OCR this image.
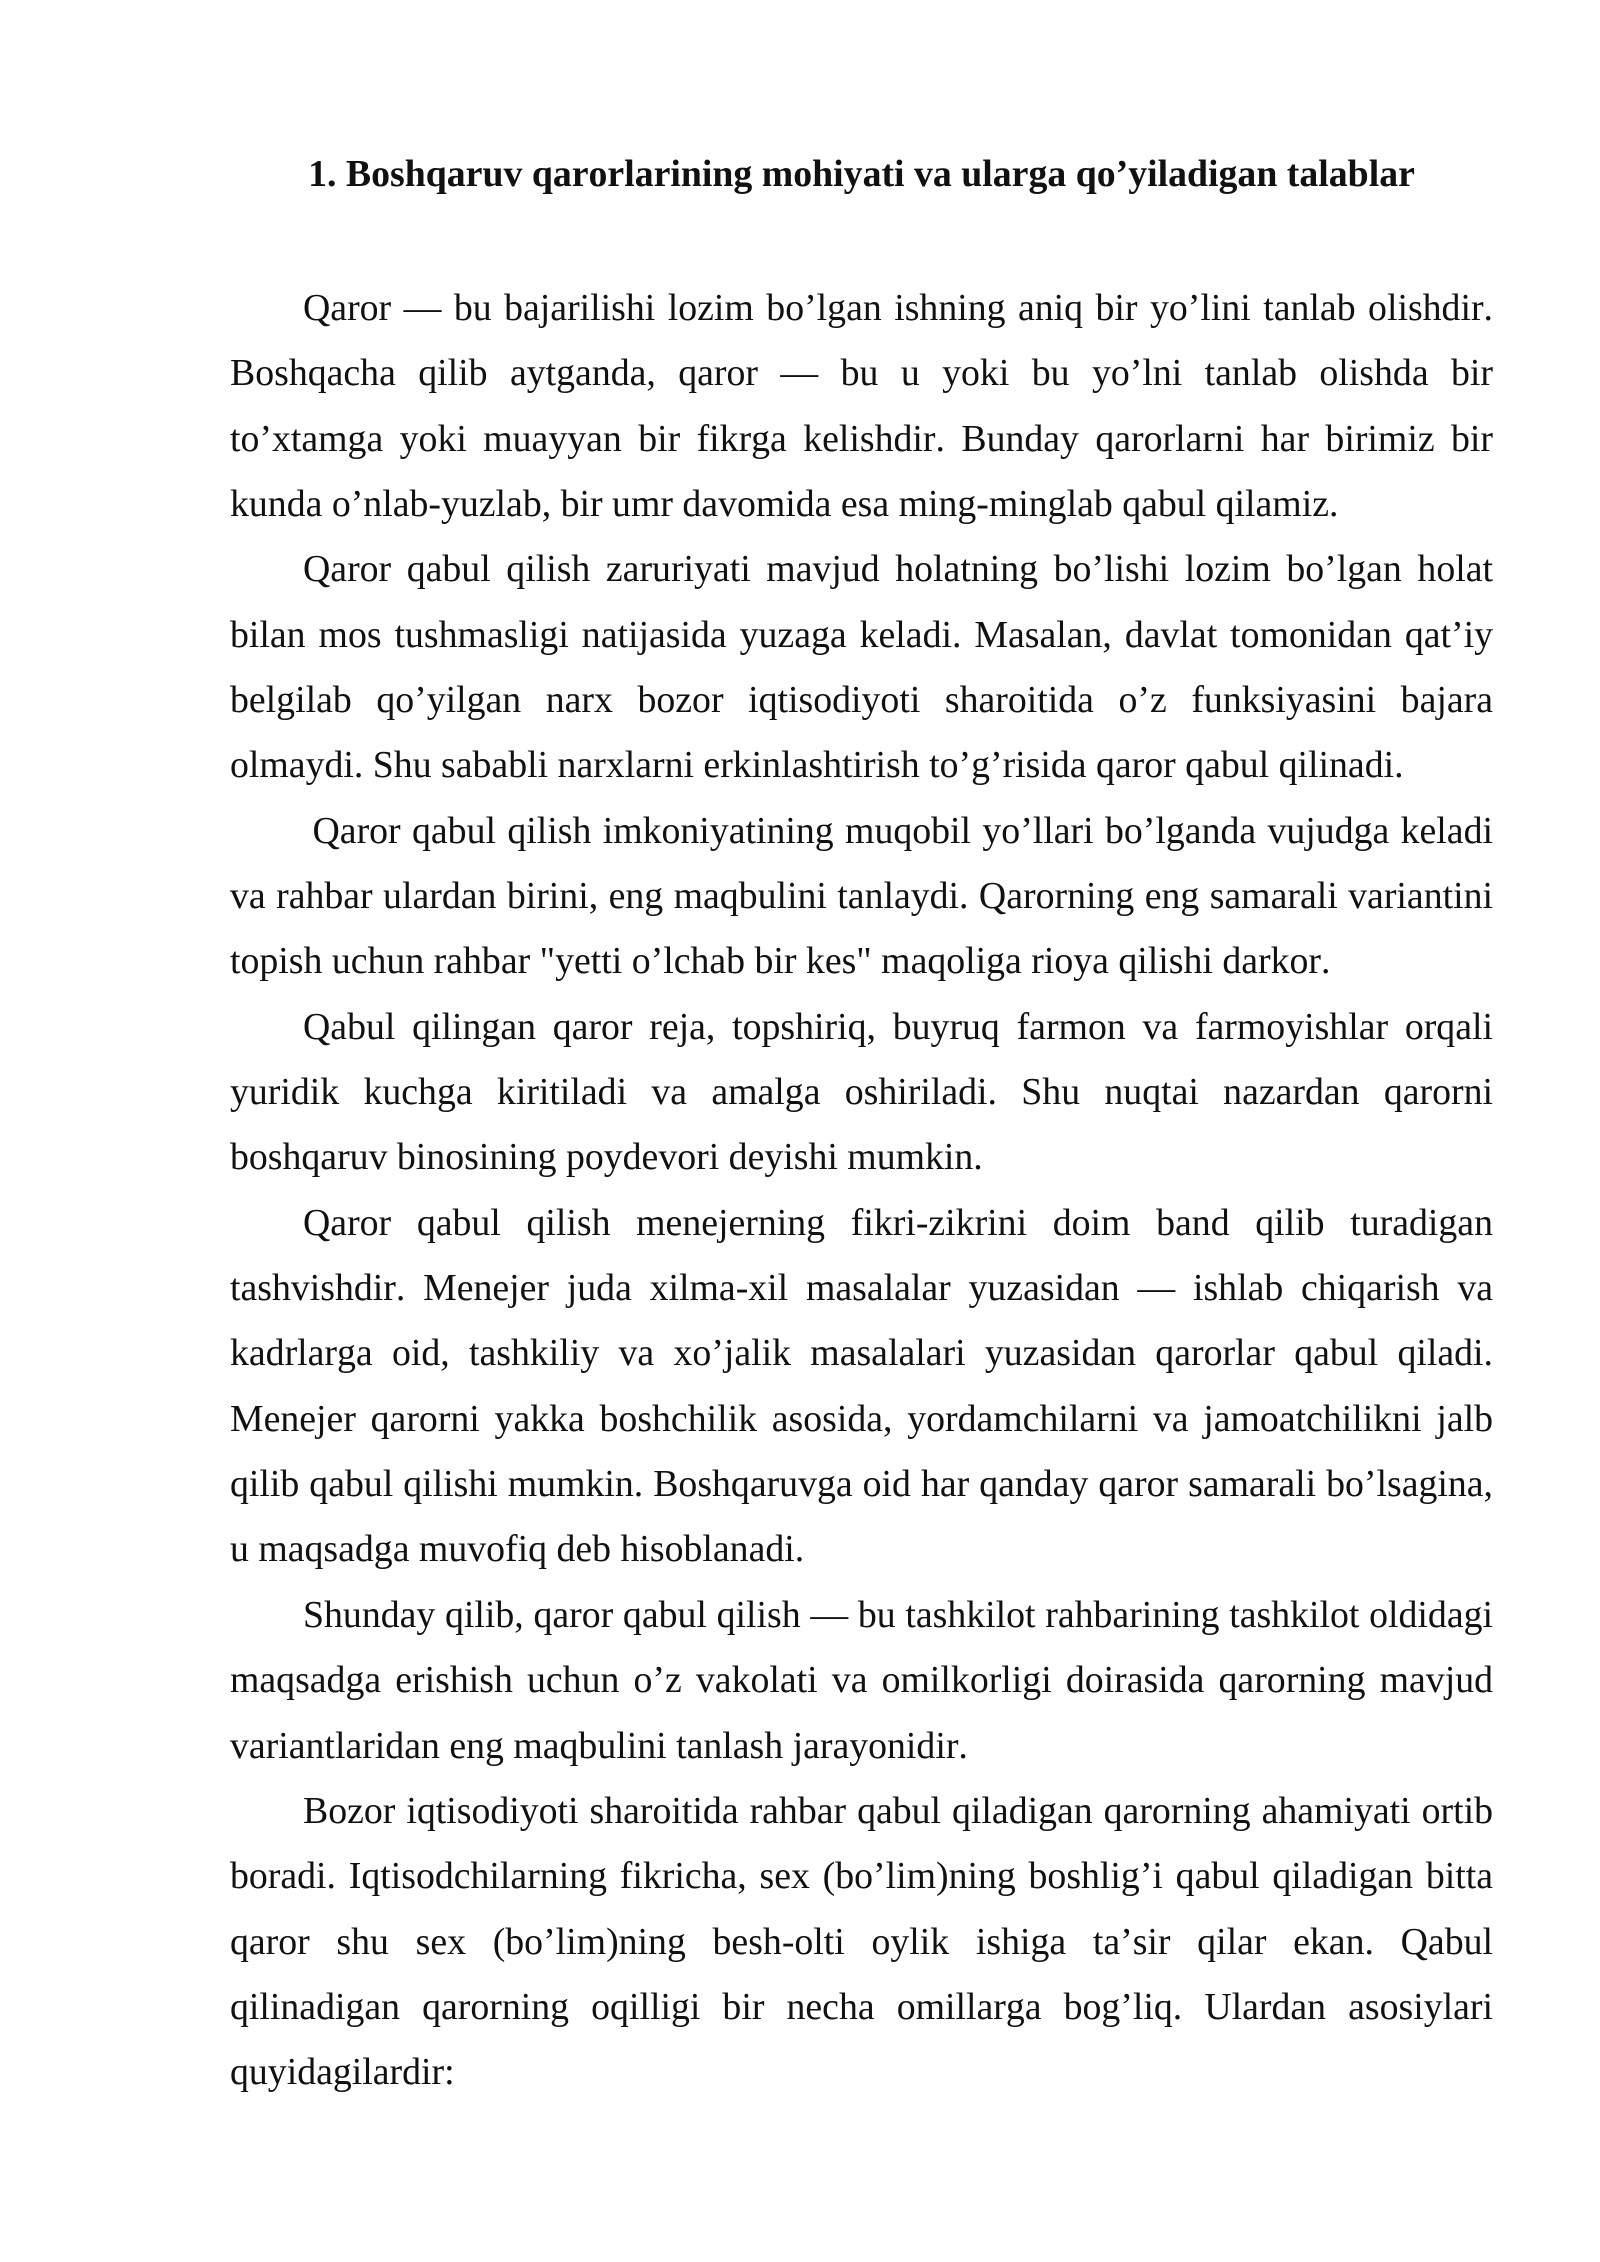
1. Boshqaruv qarorlarining mohiyati va ularga qo’yiladigan talablar

Qaror — bu bajarilishi lozim bo’lgan ishning aniq bir yo’lini tanlab olishdir. Boshqacha qilib aytganda, qaror — bu u yoki bu yo’lni tanlab olishda bir to’xtamga yoki muayyan bir fikrga kelishdir. Bunday qarorlarni har birimiz bir kunda o’nlab-yuzlab, bir umr davomida esa ming-minglab qabul qilamiz.

Qaror qabul qilish zaruriyati mavjud holatning bo’lishi lozim bo’lgan holat bilan mos tushmasligi natijasida yuzaga keladi. Masalan, davlat tomonidan qat’iy belgilab qo’yilgan narx bozor iqtisodiyoti sharoitida o’z funksiyasini bajara olmaydi. Shu sababli narxlarni erkinlashtirish to’g’risida qaror qabul qilinadi.

Qaror qabul qilish imkoniyatining muqobil yo’llari bo’lganda vujudga keladi va rahbar ulardan birini, eng maqbulini tanlaydi. Qarorning eng samarali variantini topish uchun rahbar "yetti o’lchab bir kes" maqoliga rioya qilishi darkor.

Qabul qilingan qaror reja, topshiriq, buyruq farmon va farmoyishlar orqali yuridik kuchga kiritiladi va amalga oshiriladi. Shu nuqtai nazardan qarorni boshqaruv binosining poydevori deyishi mumkin.

Qaror qabul qilish menejerning fikri-zikrini doim band qilib turadigan tashvishdir. Menejer juda xilma-xil masalalar yuzasidan — ishlab chiqarish va kadrlarga oid, tashkiliy va xo’jalik masalalari yuzasidan qarorlar qabul qiladi. Menejer qarorni yakka boshchilik asosida, yordamchilarni va jamoatchilikni jalb qilib qabul qilishi mumkin. Boshqaruvga oid har qanday qaror samarali bo’lsagina, u maqsadga muvofiq deb hisoblanadi.

Shunday qilib, qaror qabul qilish — bu tashkilot rahbarining tashkilot oldidagi maqsadga erishish uchun o’z vakolati va omilkorligi doirasida qarorning mavjud variantlaridan eng maqbulini tanlash jarayonidir.

Bozor iqtisodiyoti sharoitida rahbar qabul qiladigan qarorning ahamiyati ortib boradi. Iqtisodchilarning fikricha, sex (bo’lim)ning boshlig’i qabul qiladigan bitta qaror shu sex (bo’lim)ning besh-olti oylik ishiga ta’sir qilar ekan. Qabul qilinadigan qarorning oqilligi bir necha omillarga bog’liq. Ulardan asosiylari quyidagilardir:
